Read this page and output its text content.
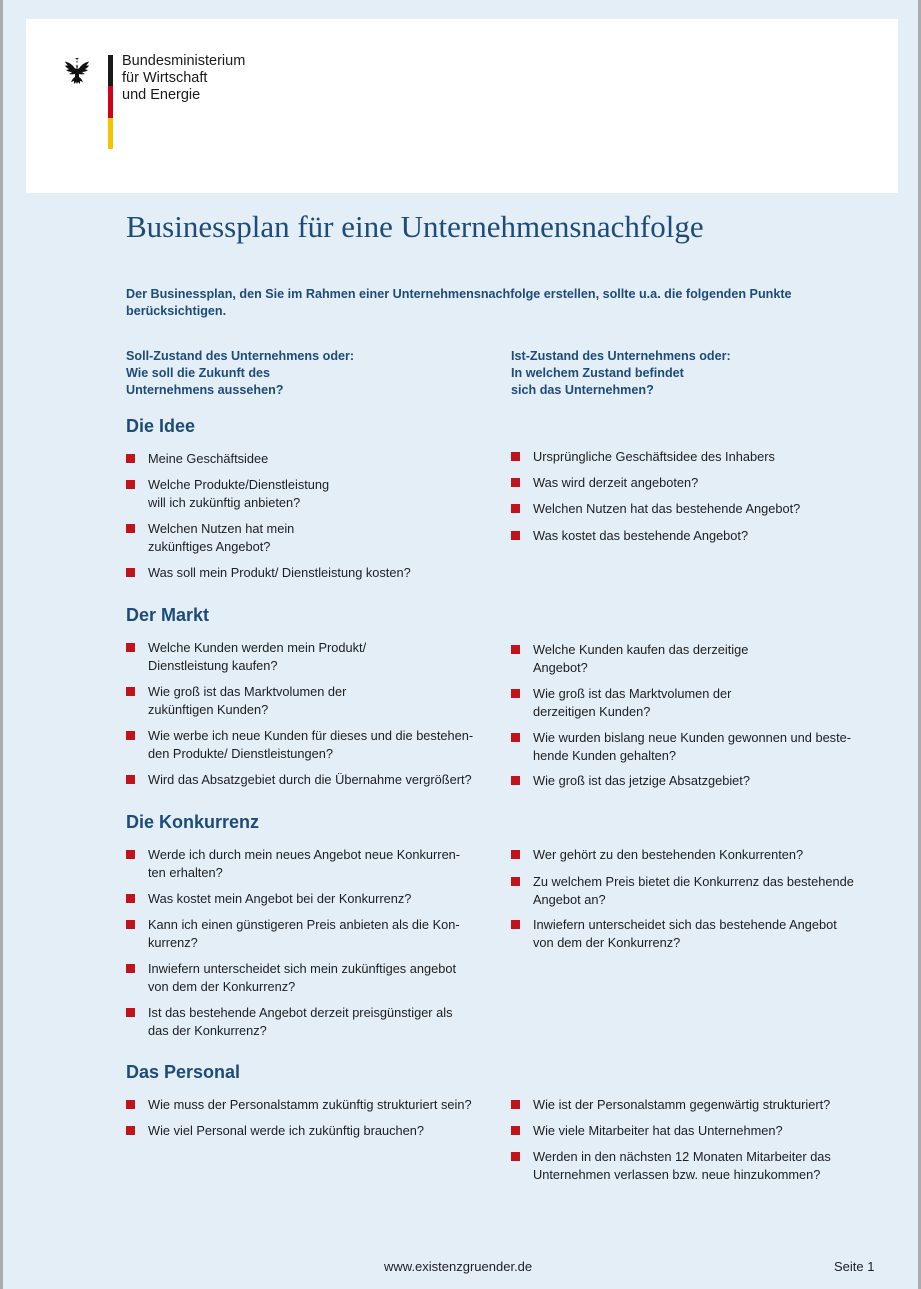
Bundesministerium
für Wirtschaft
und Energie
Businessplan für eine Unternehmensnachfolge
Der Businessplan, den Sie im Rahmen einer Unternehmensnachfolge erstellen, sollte u.a. die folgenden Punkte berücksichtigen.
Soll-Zustand des Unternehmens oder:
Wie soll die Zukunft des
Unternehmens aussehen?
Ist-Zustand des Unternehmens oder:
In welchem Zustand befindet
sich das Unternehmen?
Die Idee
Meine Geschäftsidee
Welche Produkte/Dienstleistung
will ich zukünftig anbieten?
Welchen Nutzen hat mein
zukünftiges Angebot?
Was soll mein Produkt/ Dienstleistung kosten?
Ursprüngliche Geschäftsidee des Inhabers
Was wird derzeit angeboten?
Welchen Nutzen hat das bestehende Angebot?
Was kostet das bestehende Angebot?
Der Markt
Welche Kunden werden mein Produkt/
Dienstleistung kaufen?
Wie groß ist das Marktvolumen der
zukünftigen Kunden?
Wie werbe ich neue Kunden für dieses und die bestehen-
den Produkte/ Dienstleistungen?
Wird das Absatzgebiet durch die Übernahme vergrößert?
Welche Kunden kaufen das derzeitige
Angebot?
Wie groß ist das Marktvolumen der
derzeitigen Kunden?
Wie wurden bislang neue Kunden gewonnen und beste-
hende Kunden gehalten?
Wie groß ist das jetzige Absatzgebiet?
Die Konkurrenz
Werde ich durch mein neues Angebot neue Konkurren-
ten erhalten?
Was kostet mein Angebot bei der Konkurrenz?
Kann ich einen günstigeren Preis anbieten als die Kon-
kurrenz?
Inwiefern unterscheidet sich mein zukünftiges angebot
von dem der Konkurrenz?
Ist das bestehende Angebot derzeit preisgünstiger als
das der Konkurrenz?
Wer gehört zu den bestehenden Konkurrenten?
Zu welchem Preis bietet die Konkurrenz das bestehende
Angebot an?
Inwiefern unterscheidet sich das bestehende Angebot
von dem der Konkurrenz?
Das Personal
Wie muss der Personalstamm zukünftig strukturiert sein?
Wie viel Personal werde ich zukünftig brauchen?
Wie ist der Personalstamm gegenwärtig strukturiert?
Wie viele Mitarbeiter hat das Unternehmen?
Werden in den nächsten 12 Monaten Mitarbeiter das
Unternehmen verlassen bzw. neue hinzukommen?
www.existenzgruender.de	Seite 1
